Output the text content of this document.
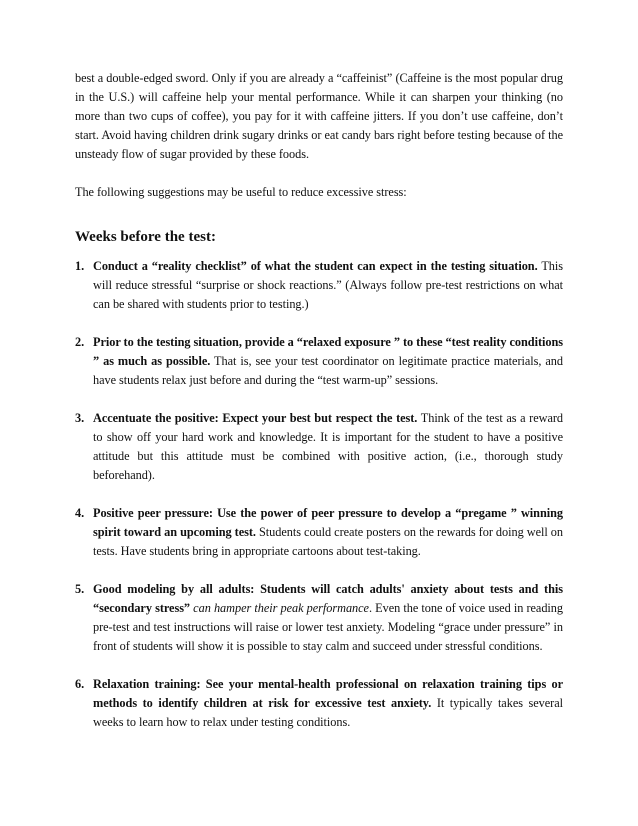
best a double-edged sword. Only if you are already a “caffeinist” (Caffeine is the most popular drug in the U.S.) will caffeine help your mental performance. While it can sharpen your thinking (no more than two cups of coffee), you pay for it with caffeine jitters. If you don’t use caffeine, don’t start. Avoid having children drink sugary drinks or eat candy bars right before testing because of the unsteady flow of sugar provided by these foods.

The following suggestions may be useful to reduce excessive stress:

Weeks before the test:
1. Conduct a “reality checklist” of what the student can expect in the testing situation. This will reduce stressful “surprise or shock reactions.” (Always follow pre-test restrictions on what can be shared with students prior to testing.)
2. Prior to the testing situation, provide a “relaxed exposure ” to these “test reality conditions ” as much as possible. That is, see your test coordinator on legitimate practice materials, and have students relax just before and during the “test warm-up” sessions.
3. Accentuate the positive: Expect your best but respect the test. Think of the test as a reward to show off your hard work and knowledge. It is important for the student to have a positive attitude but this attitude must be combined with positive action, (i.e., thorough study beforehand).
4. Positive peer pressure: Use the power of peer pressure to develop a “pregame ” winning spirit toward an upcoming test. Students could create posters on the rewards for doing well on tests. Have students bring in appropriate cartoons about test-taking.
5. Good modeling by all adults: Students will catch adults' anxiety about tests and this “secondary stress” can hamper their peak performance. Even the tone of voice used in reading pre-test and test instructions will raise or lower test anxiety. Modeling “grace under pressure” in front of students will show it is possible to stay calm and succeed under stressful conditions.
6. Relaxation training: See your mental-health professional on relaxation training tips or methods to identify children at risk for excessive test anxiety. It typically takes several weeks to learn how to relax under testing conditions.
